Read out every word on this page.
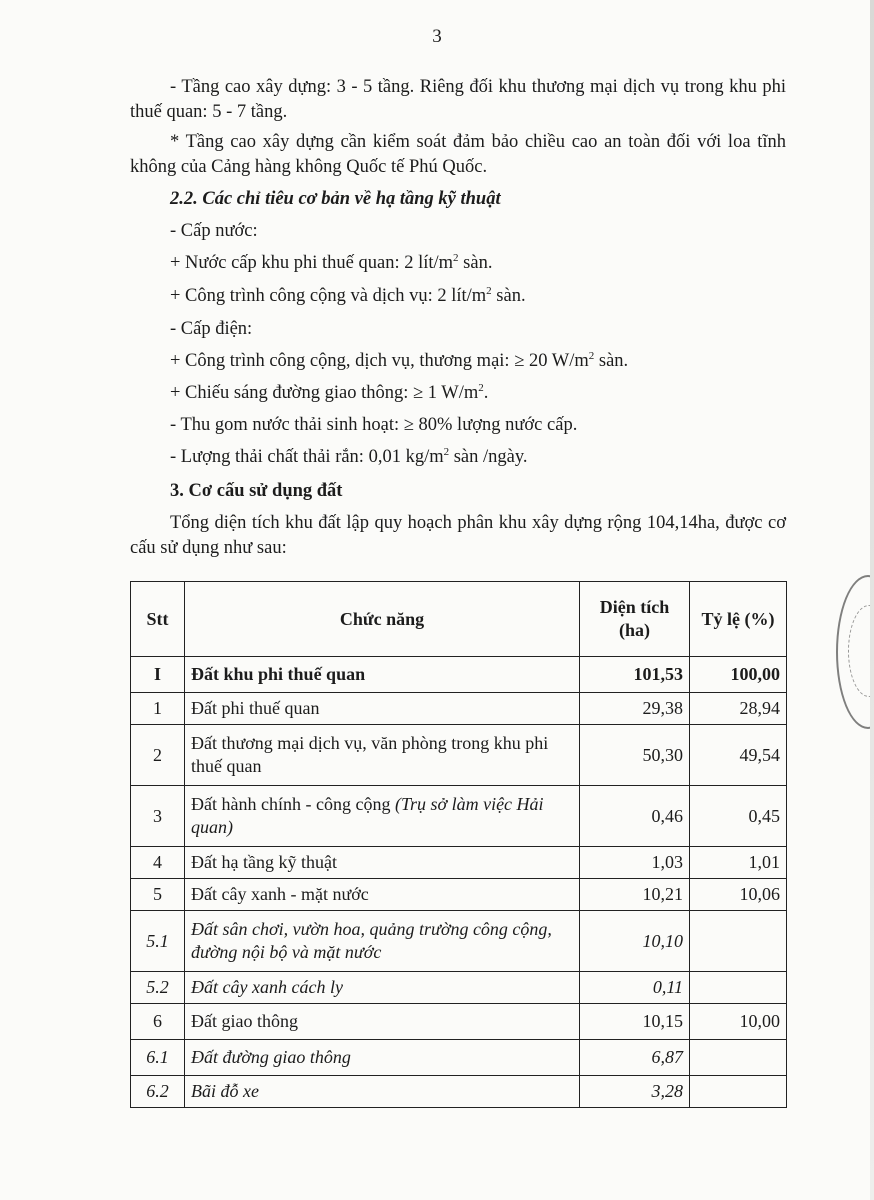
3

- Tầng cao xây dựng: 3 - 5 tầng. Riêng đối khu thương mại dịch vụ trong khu phi thuế quan: 5 - 7 tầng.

* Tầng cao xây dựng cần kiểm soát đảm bảo chiều cao an toàn đối với loa tĩnh không của Cảng hàng không Quốc tế Phú Quốc.

2.2. Các chỉ tiêu cơ bản về hạ tầng kỹ thuật

- Cấp nước:

+ Nước cấp khu phi thuế quan: 2 lít/$m^2$ sàn.

+ Công trình công cộng và dịch vụ: 2 lít/$m^2$ sàn.

- Cấp điện:

+ Công trình công cộng, dịch vụ, thương mại: ≥ 20 $W/m^2$ sàn.

+ Chiếu sáng đường giao thông: ≥ 1 $W/m^2$.

- Thu gom nước thải sinh hoạt: ≥ 80% lượng nước cấp.

- Lượng thải chất thải rắn: 0,01 $kg/m^2$ sàn /ngày.

3. Cơ cấu sử dụng đất

Tổng diện tích khu đất lập quy hoạch phân khu xây dựng rộng 104,14ha, được cơ cấu sử dụng như sau:

Stt	Chức năng	Diện tích (ha)	Tỷ lệ (%)
I	Đất khu phi thuế quan	101,53	100,00
1	Đất phi thuế quan	29,38	28,94
2	Đất thương mại dịch vụ, văn phòng trong khu phi thuế quan	50,30	49,54
3	Đất hành chính - công cộng (Trụ sở làm việc Hải quan)	0,46	0,45
4	Đất hạ tầng kỹ thuật	1,03	1,01
5	Đất cây xanh - mặt nước	10,21	10,06
5.1	Đất sân chơi, vườn hoa, quảng trường công cộng, đường nội bộ và mặt nước	10,10	
5.2	Đất cây xanh cách ly	0,11	
6	Đất giao thông	10,15	10,00
6.1	Đất đường giao thông	6,87	
6.2	Bãi đỗ xe	3,28	
